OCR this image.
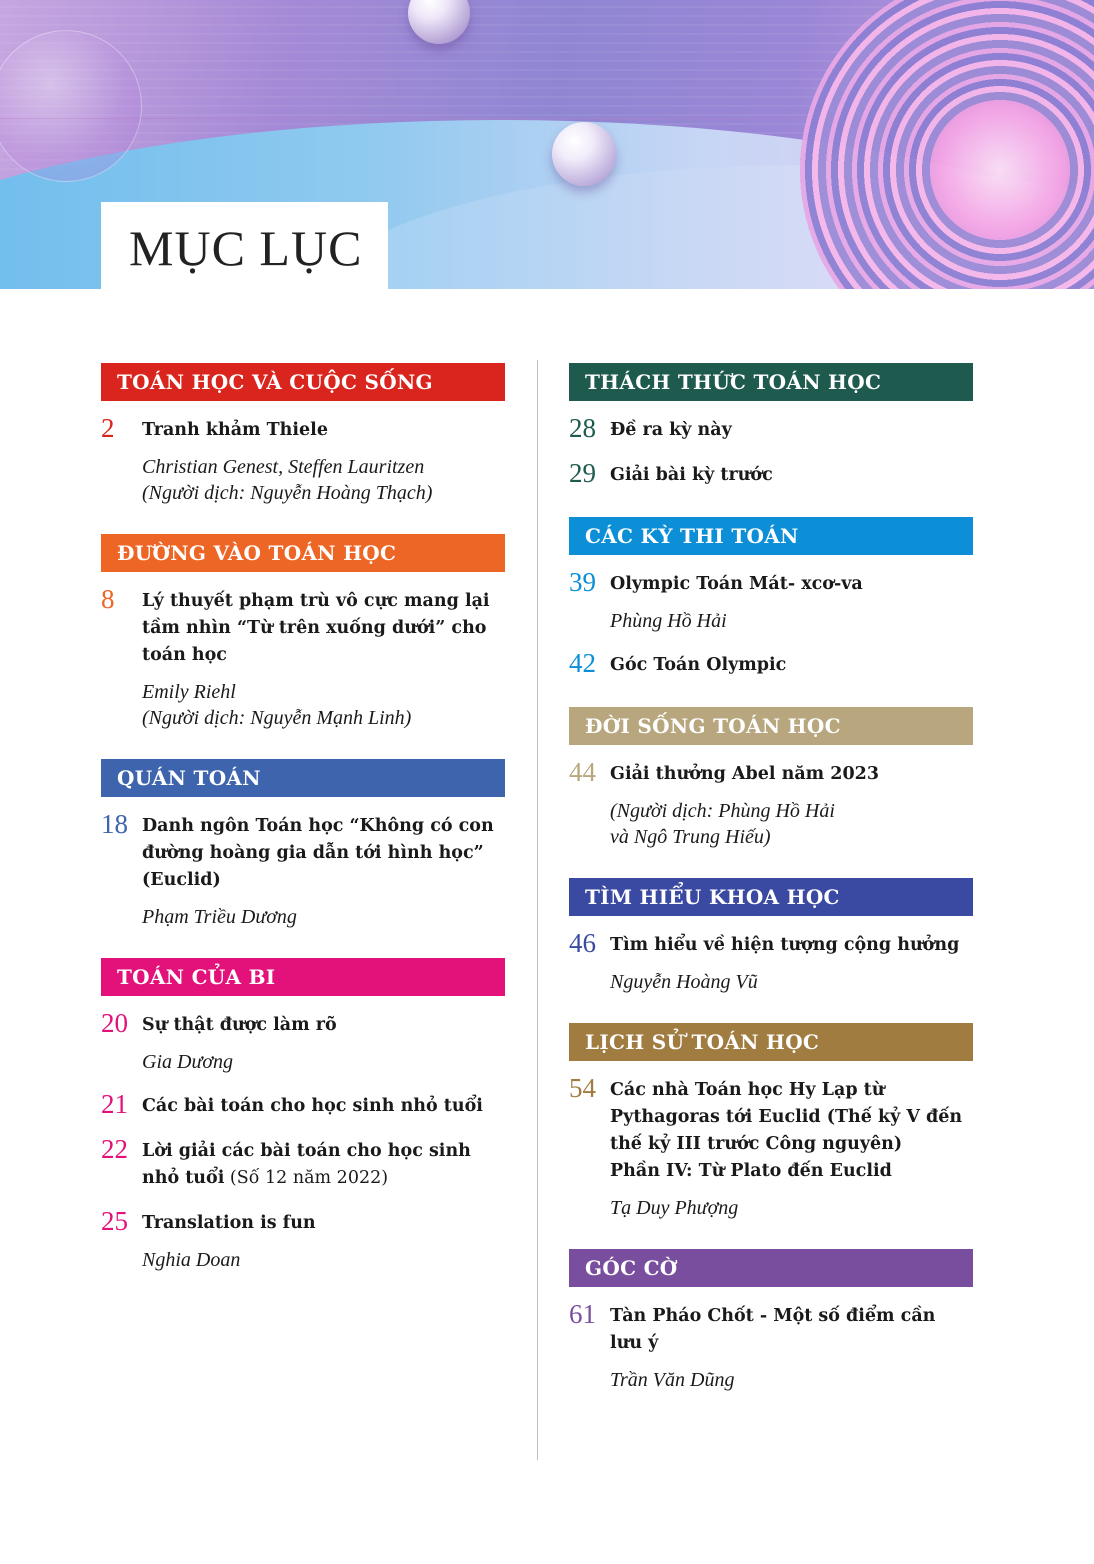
MỤC LỤC
TOÁN HỌC VÀ CUỘC SỐNG
2 Tranh khảm Thiele
Christian Genest, Steffen Lauritzen
(Người dịch: Nguyễn Hoàng Thạch)
ĐƯỜNG VÀO TOÁN HỌC
8 Lý thuyết phạm trù vô cực mang lại tầm nhìn “Từ trên xuống dưới” cho toán học
Emily Riehl
(Người dịch: Nguyễn Mạnh Linh)
QUÁN TOÁN
18 Danh ngôn Toán học “Không có con đường hoàng gia dẫn tới hình học” (Euclid)
Phạm Triều Dương
TOÁN CỦA BI
20 Sự thật được làm rõ
Gia Dương
21 Các bài toán cho học sinh nhỏ tuổi
22 Lời giải các bài toán cho học sinh nhỏ tuổi (Số 12 năm 2022)
25 Translation is fun
Nghia Doan
THÁCH THỨC TOÁN HỌC
28 Đề ra kỳ này
29 Giải bài kỳ trước
CÁC KỲ THI TOÁN
39 Olympic Toán Mát- xcơ-va
Phùng Hồ Hải
42 Góc Toán Olympic
ĐỜI SỐNG TOÁN HỌC
44 Giải thưởng Abel năm 2023
(Người dịch: Phùng Hồ Hải
và Ngô Trung Hiếu)
TÌM HIỂU KHOA HỌC
46 Tìm hiểu về hiện tượng cộng hưởng
Nguyễn Hoàng Vũ
LỊCH SỬ TOÁN HỌC
54 Các nhà Toán học Hy Lạp từ Pythagoras tới Euclid (Thế kỷ V đến thế kỷ III trước Công nguyên)
Phần IV: Từ Plato đến Euclid
Tạ Duy Phượng
GÓC CỜ
61 Tàn Pháo Chốt - Một số điểm cần lưu ý
Trần Văn Dũng
